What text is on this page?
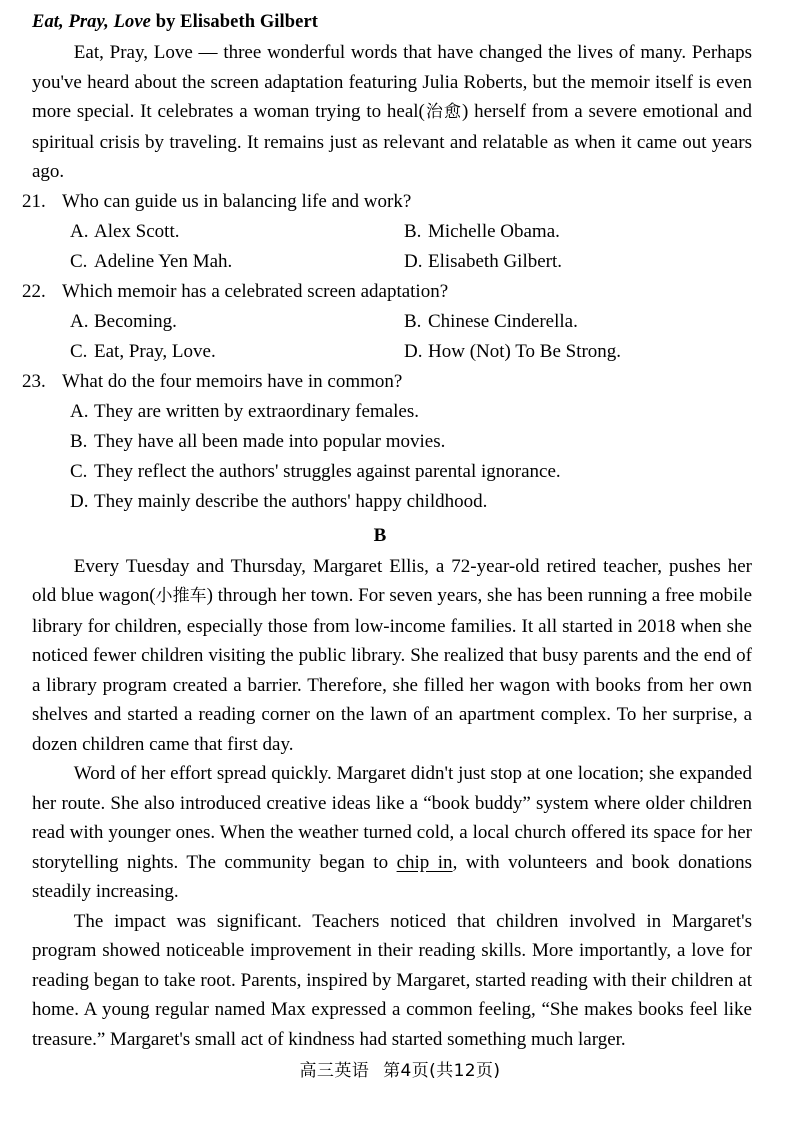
Eat, Pray, Love by Elisabeth Gilbert

Eat, Pray, Love — three wonderful words that have changed the lives of many. Perhaps you've heard about the screen adaptation featuring Julia Roberts, but the memoir itself is even more special. It celebrates a woman trying to heal(治愈) herself from a severe emotional and spiritual crisis by traveling. It remains just as relevant and relatable as when it came out years ago.

21. Who can guide us in balancing life and work?

A. Alex Scott.	B. Michelle Obama.
C. Adeline Yen Mah.	D. Elisabeth Gilbert.

22. Which memoir has a celebrated screen adaptation?

A. Becoming.	B. Chinese Cinderella.
C. Eat, Pray, Love.	D. How (Not) To Be Strong.

23. What do the four memoirs have in common?

A. They are written by extraordinary females.
B. They have all been made into popular movies.
C. They reflect the authors' struggles against parental ignorance.
D. They mainly describe the authors' happy childhood.
B

Every Tuesday and Thursday, Margaret Ellis, a 72-year-old retired teacher, pushes her old blue wagon(小推车) through her town. For seven years, she has been running a free mobile library for children, especially those from low-income families. It all started in 2018 when she noticed fewer children visiting the public library. She realized that busy parents and the end of a library program created a barrier. Therefore, she filled her wagon with books from her own shelves and started a reading corner on the lawn of an apartment complex. To her surprise, a dozen children came that first day.

Word of her effort spread quickly. Margaret didn't just stop at one location; she expanded her route. She also introduced creative ideas like a “book buddy” system where older children read with younger ones. When the weather turned cold, a local church offered its space for her storytelling nights. The community began to chip in, with volunteers and book donations steadily increasing.

The impact was significant. Teachers noticed that children involved in Margaret's program showed noticeable improvement in their reading skills. More importantly, a love for reading began to take root. Parents, inspired by Margaret, started reading with their children at home. A young regular named Max expressed a common feeling, “She makes books feel like treasure.” Margaret's small act of kindness had started something much larger.

高三英语 第4页(共12页)
